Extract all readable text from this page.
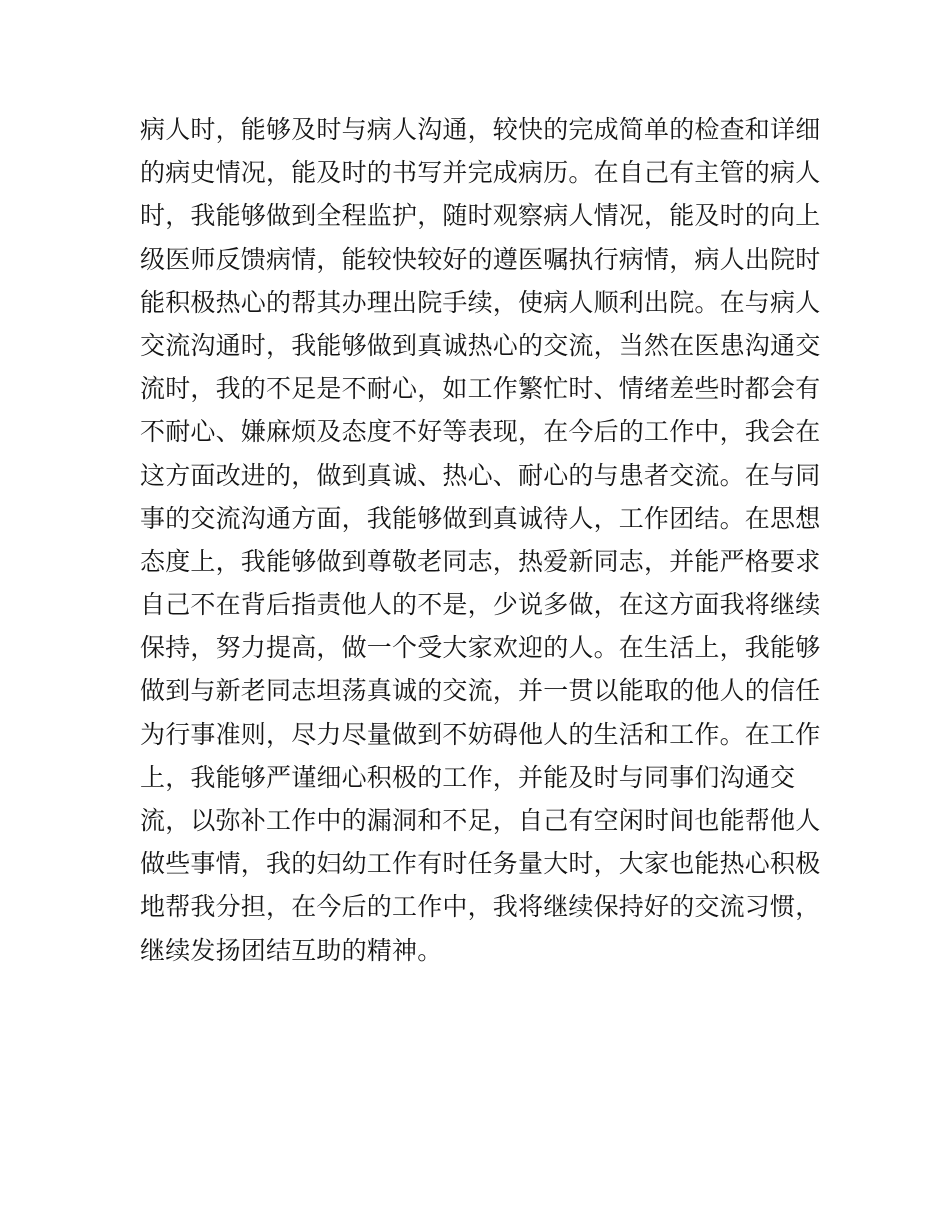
病人时，能够及时与病人沟通，较快的完成简单的检查和详细
的病史情况，能及时的书写并完成病历。在自己有主管的病人
时，我能够做到全程监护，随时观察病人情况，能及时的向上
级医师反馈病情，能较快较好的遵医嘱执行病情，病人出院时
能积极热心的帮其办理出院手续，使病人顺利出院。在与病人
交流沟通时，我能够做到真诚热心的交流，当然在医患沟通交
流时，我的不足是不耐心，如工作繁忙时、情绪差些时都会有
不耐心、嫌麻烦及态度不好等表现，在今后的工作中，我会在
这方面改进的，做到真诚、热心、耐心的与患者交流。在与同
事的交流沟通方面，我能够做到真诚待人，工作团结。在思想
态度上，我能够做到尊敬老同志，热爱新同志，并能严格要求
自己不在背后指责他人的不是，少说多做，在这方面我将继续
保持，努力提高，做一个受大家欢迎的人。在生活上，我能够
做到与新老同志坦荡真诚的交流，并一贯以能取的他人的信任
为行事准则，尽力尽量做到不妨碍他人的生活和工作。在工作
上，我能够严谨细心积极的工作，并能及时与同事们沟通交
流，以弥补工作中的漏洞和不足，自己有空闲时间也能帮他人
做些事情，我的妇幼工作有时任务量大时，大家也能热心积极
地帮我分担，在今后的工作中，我将继续保持好的交流习惯，
继续发扬团结互助的精神。
